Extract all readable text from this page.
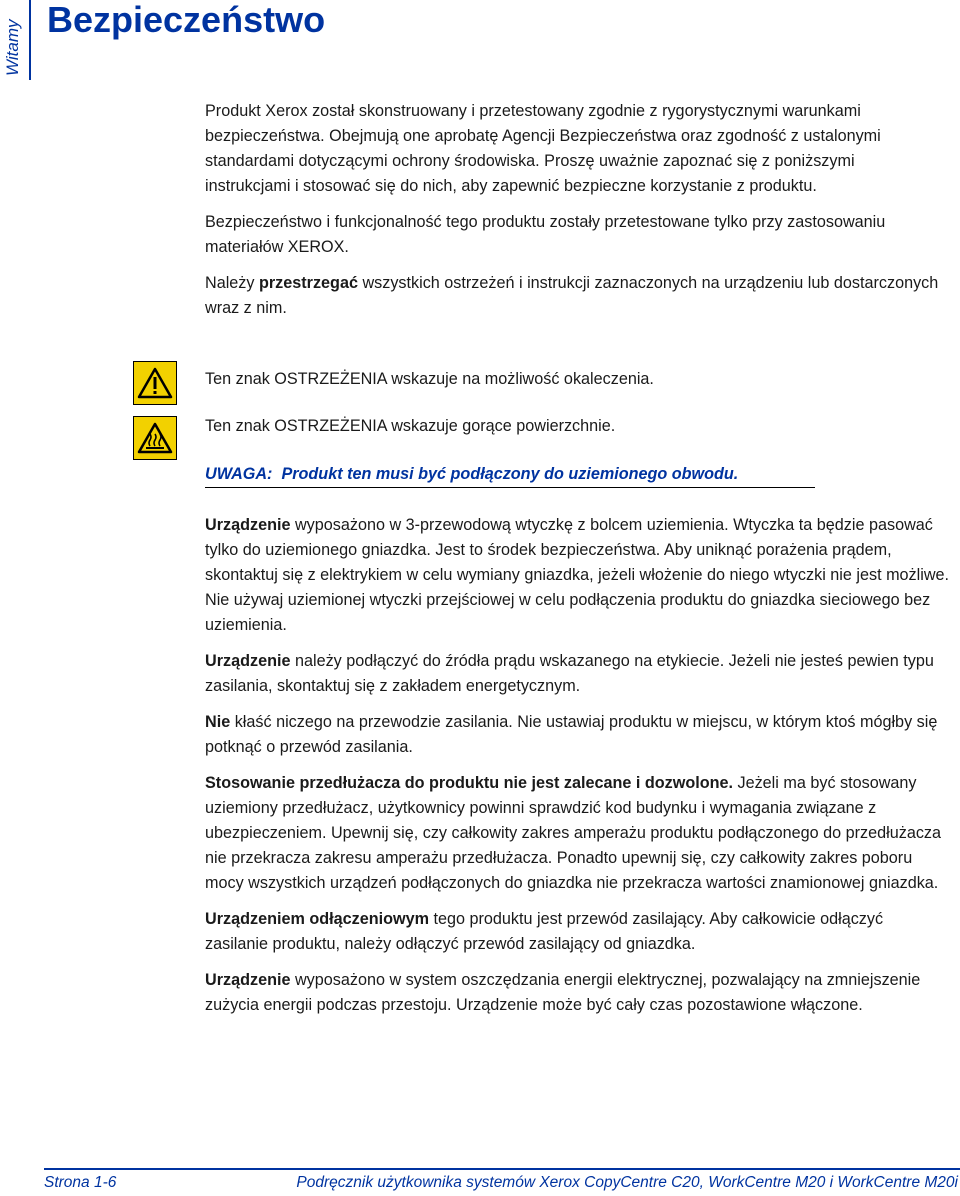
Witamy Bezpieczeństwo

Produkt Xerox został skonstruowany i przetestowany zgodnie z rygorystycznymi warunkami bezpieczeństwa. Obejmują one aprobatę Agencji Bezpieczeństwa oraz zgodność z ustalonymi standardami dotyczącymi ochrony środowiska. Proszę uważnie zapoznać się z poniższymi instrukcjami i stosować się do nich, aby zapewnić bezpieczne korzystanie z produktu.

Bezpieczeństwo i funkcjonalność tego produktu zostały przetestowane tylko przy zastosowaniu materiałów XEROX.

Należy przestrzegać wszystkich ostrzeżeń i instrukcji zaznaczonych na urządzeniu lub dostarczonych wraz z nim.

Ten znak OSTRZEŻENIA wskazuje na możliwość okaleczenia.
Ten znak OSTRZEŻENIA wskazuje gorące powierzchnie.
UWAGA: Produkt ten musi być podłączony do uziemionego obwodu.

Urządzenie wyposażono w 3-przewodową wtyczkę z bolcem uziemienia. Wtyczka ta będzie pasować tylko do uziemionego gniazdka. Jest to środek bezpieczeństwa. Aby uniknąć porażenia prądem, skontaktuj się z elektrykiem w celu wymiany gniazdka, jeżeli włożenie do niego wtyczki nie jest możliwe. Nie używaj uziemionej wtyczki przejściowej w celu podłączenia produktu do gniazdka sieciowego bez uziemienia.

Urządzenie należy podłączyć do źródła prądu wskazanego na etykiecie. Jeżeli nie jesteś pewien typu zasilania, skontaktuj się z zakładem energetycznym.

Nie kłaść niczego na przewodzie zasilania. Nie ustawiaj produktu w miejscu, w którym ktoś mógłby się potknąć o przewód zasilania.

Stosowanie przedłużacza do produktu nie jest zalecane i dozwolone. Jeżeli ma być stosowany uziemiony przedłużacz, użytkownicy powinni sprawdzić kod budynku i wymagania związane z ubezpieczeniem. Upewnij się, czy całkowity zakres amperażu produktu podłączonego do przedłużacza nie przekracza zakresu amperażu przedłużacza. Ponadto upewnij się, czy całkowity zakres poboru mocy wszystkich urządzeń podłączonych do gniazdka nie przekracza wartości znamionowej gniazdka.

Urządzeniem odłączeniowym tego produktu jest przewód zasilający. Aby całkowicie odłączyć zasilanie produktu, należy odłączyć przewód zasilający od gniazdka.

Urządzenie wyposażono w system oszczędzania energii elektrycznej, pozwalający na zmniejszenie zużycia energii podczas przestoju. Urządzenie może być cały czas pozostawione włączone.

Strona 1-6	Podręcznik użytkownika systemów Xerox CopyCentre C20, WorkCentre M20 i WorkCentre M20i
